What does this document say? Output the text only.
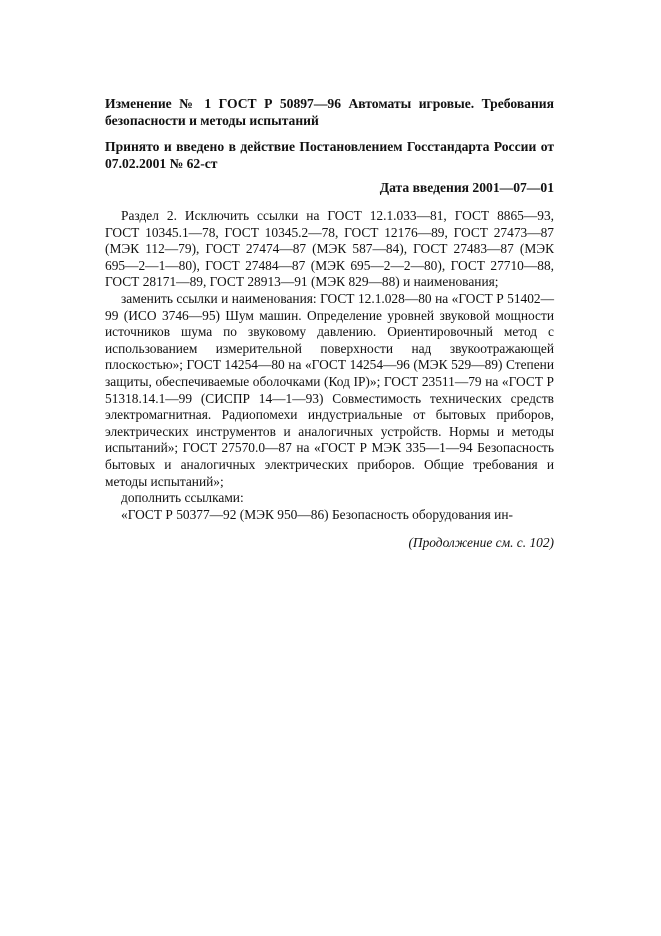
Изменение № 1 ГОСТ Р 50897—96 Автоматы игровые. Требования безопасности и методы испытаний

Принято и введено в действие Постановлением Госстандарта России от 07.02.2001 № 62-ст

Дата введения 2001—07—01

Раздел 2. Исключить ссылки на ГОСТ 12.1.033—81, ГОСТ 8865—93, ГОСТ 10345.1—78, ГОСТ 10345.2—78, ГОСТ 12176—89, ГОСТ 27473—87 (МЭК 112—79), ГОСТ 27474—87 (МЭК 587—84), ГОСТ 27483—87 (МЭК 695—2—1—80), ГОСТ 27484—87 (МЭК 695—2—2—80), ГОСТ 27710—88, ГОСТ 28171—89, ГОСТ 28913—91 (МЭК 829—88) и наименования;

заменить ссылки и наименования: ГОСТ 12.1.028—80 на «ГОСТ Р 51402—99 (ИСО 3746—95) Шум машин. Определение уровней звуковой мощности источников шума по звуковому давлению. Ориентировочный метод с использованием измерительной поверхности над звукоотражающей плоскостью»; ГОСТ 14254—80 на «ГОСТ 14254—96 (МЭК 529—89) Степени защиты, обеспечиваемые оболочками (Код IP)»; ГОСТ 23511—79 на «ГОСТ Р 51318.14.1—99 (СИСПР 14—1—93) Совместимость технических средств электромагнитная. Радиопомехи индустриальные от бытовых приборов, электрических инструментов и аналогичных устройств. Нормы и методы испытаний»; ГОСТ 27570.0—87 на «ГОСТ Р МЭК 335—1—94 Безопасность бытовых и аналогичных электрических приборов. Общие требования и методы испытаний»;

дополнить ссылками:

«ГОСТ Р 50377—92 (МЭК 950—86) Безопасность оборудования ин-

(Продолжение см. с. 102)
